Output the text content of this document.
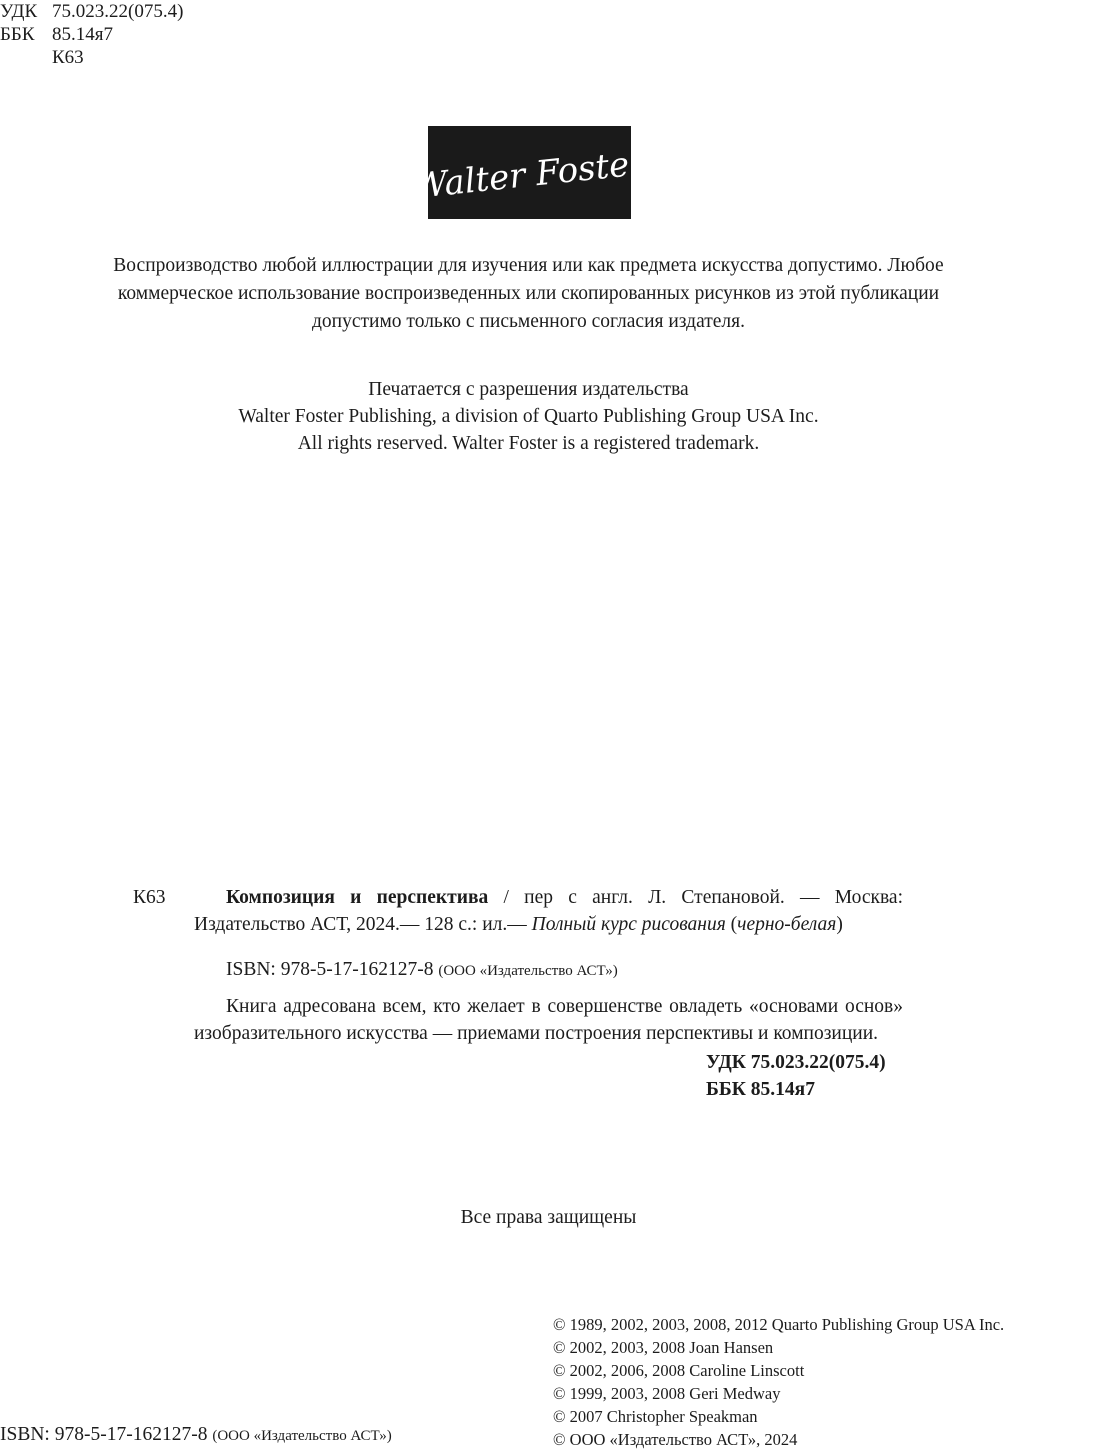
УДК 75.023.22(075.4)
ББК 85.14я7
К63
Walter Foster
Воспроизводство любой иллюстрации для изучения или как предмета искусства допустимо. Любое
коммерческое использование воспроизведенных или скопированных рисунков из этой публикации
допустимо только с письменного согласия издателя.
Печатается с разрешения издательства
Walter Foster Publishing, a division of Quarto Publishing Group USA Inc.
All rights reserved. Walter Foster is a registered trademark.
К63	Композиция и перспектива / пер с англ. Л. Степановой. — Москва: Издательство АСТ, 2024.— 128 с.: ил.— Полный курс рисования (черно-белая)
ISBN: 978-5-17-162127-8 (ООО «Издательство АСТ»)
Книга адресована всем, кто желает в совершенстве овладеть «основами основ» изобразительного искусства — приемами построения перспективы и композиции.
УДК 75.023.22(075.4)
ББК 85.14я7
Все права защищены
© 1989, 2002, 2003, 2008, 2012 Quarto Publishing Group USA Inc.
© 2002, 2003, 2008 Joan Hansen
© 2002, 2006, 2008 Caroline Linscott
© 1999, 2003, 2008 Geri Medway
© 2007 Christopher Speakman
© ООО «Издательство АСТ», 2024
ISBN: 978-5-17-162127-8 (ООО «Издательство АСТ»)
